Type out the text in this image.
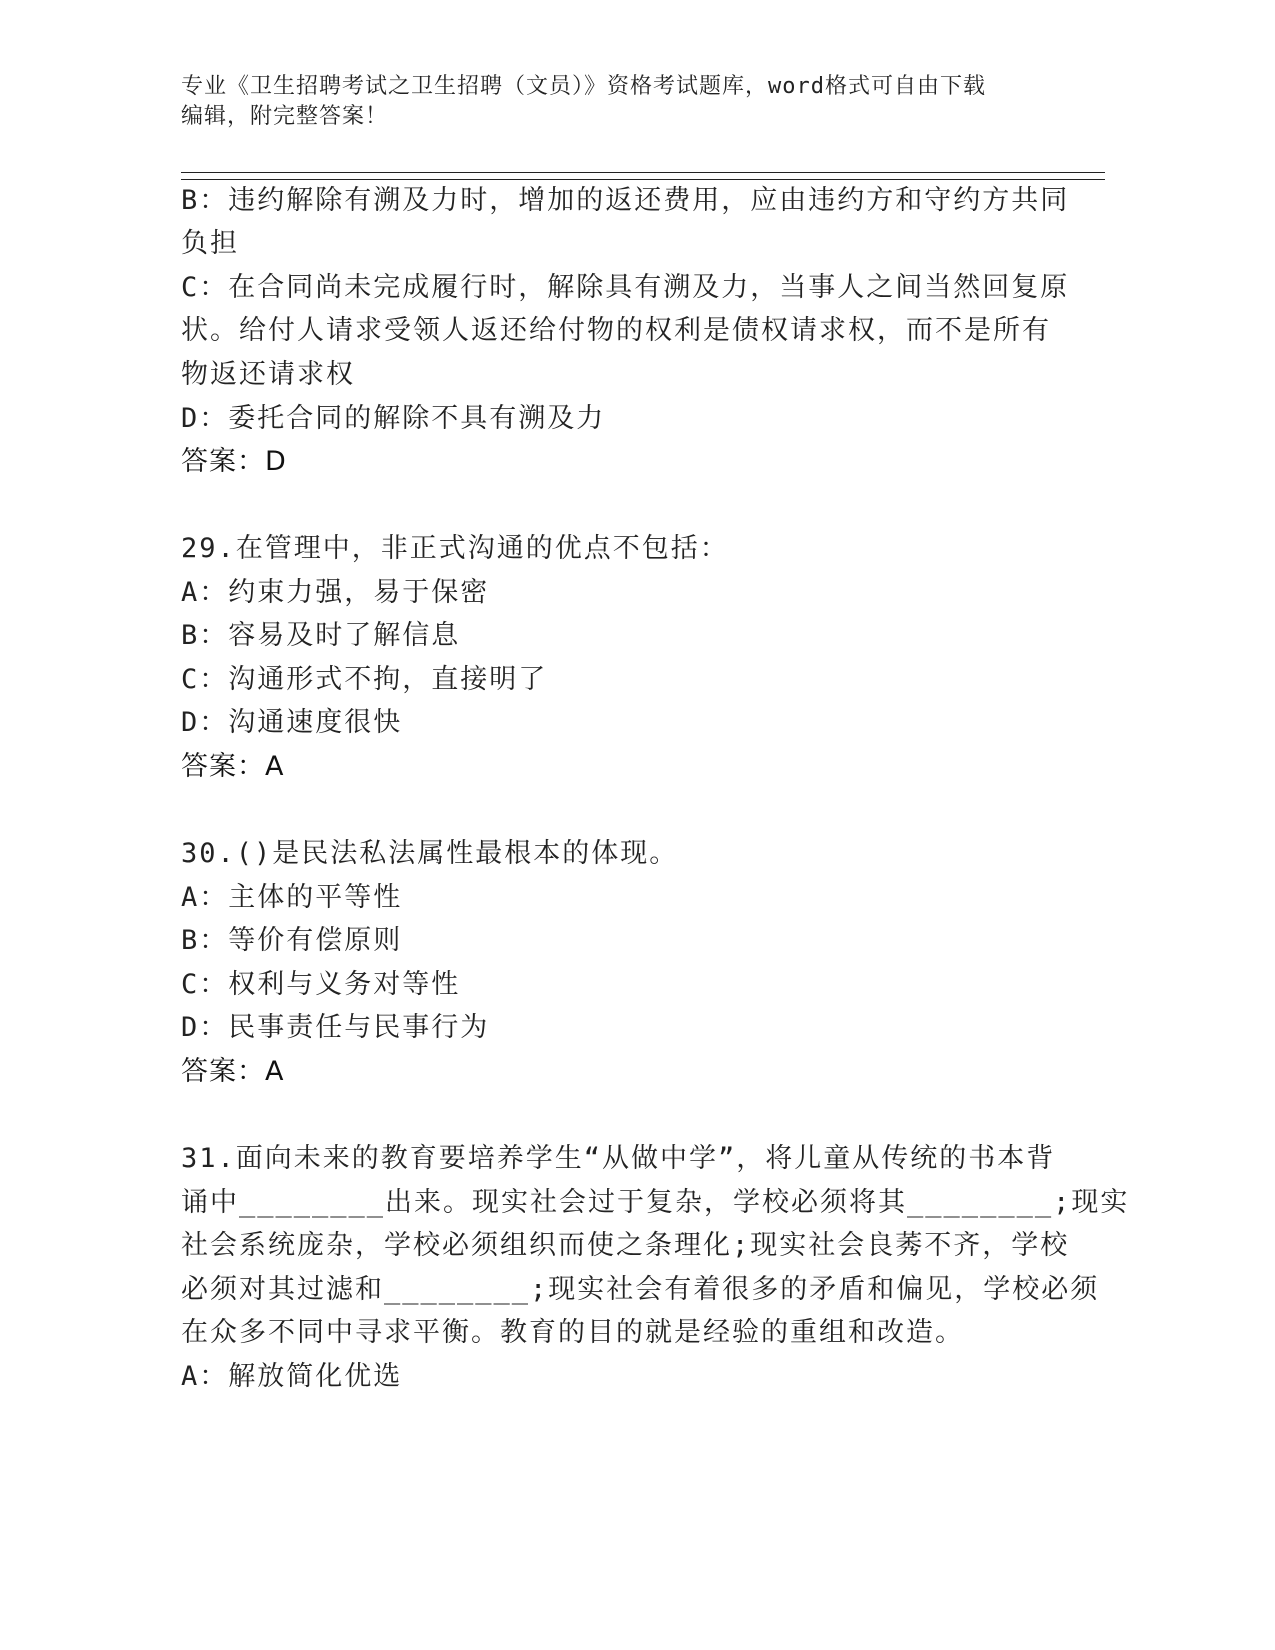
专业《卫生招聘考试之卫生招聘（文员）》资格考试题库，word格式可自由下载
编辑，附完整答案！
B：违约解除有溯及力时，增加的返还费用，应由违约方和守约方共同
负担
C：在合同尚未完成履行时，解除具有溯及力，当事人之间当然回复原
状。给付人请求受领人返还给付物的权利是债权请求权，而不是所有
物返还请求权
D：委托合同的解除不具有溯及力
答案：D
29.在管理中，非正式沟通的优点不包括：
A：约束力强，易于保密
B：容易及时了解信息
C：沟通形式不拘，直接明了
D：沟通速度很快
答案：A
30.()是民法私法属性最根本的体现。
A：主体的平等性
B：等价有偿原则
C：权利与义务对等性
D：民事责任与民事行为
答案：A
31.面向未来的教育要培养学生“从做中学”，将儿童从传统的书本背
诵中________出来。现实社会过于复杂，学校必须将其________;现实
社会系统庞杂，学校必须组织而使之条理化;现实社会良莠不齐，学校
必须对其过滤和________;现实社会有着很多的矛盾和偏见，学校必须
在众多不同中寻求平衡。教育的目的就是经验的重组和改造。
A：解放简化优选
